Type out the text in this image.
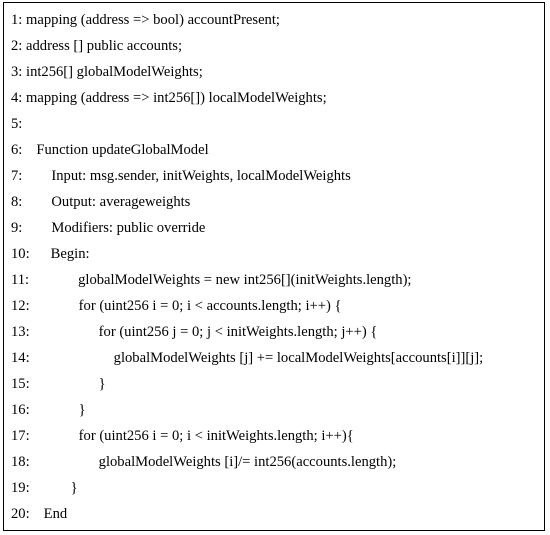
1: mapping (address => bool) accountPresent;
2: address [] public accounts;
3: int256[] globalModelWeights;
4: mapping (address => int256[]) localModelWeights;
5:
6: Function updateGlobalModel
7: Input: msg.sender, initWeights, localModelWeights
8: Output: averageweights
9: Modifiers: public override
10: Begin:
11:	globalModelWeights = new int256[](initWeights.length);
12:	for (uint256 i = 0; i < accounts.length; i++) {
13:	for (uint256 j = 0; j < initWeights.length; j++) {
14:	globalModelWeights [j] += localModelWeights[accounts[i]][j];
15:	}
16:	}
17:	for (uint256 i = 0; i < initWeights.length; i++){
18:	globalModelWeights [i]/= int256(accounts.length);
19:	}
20: End
